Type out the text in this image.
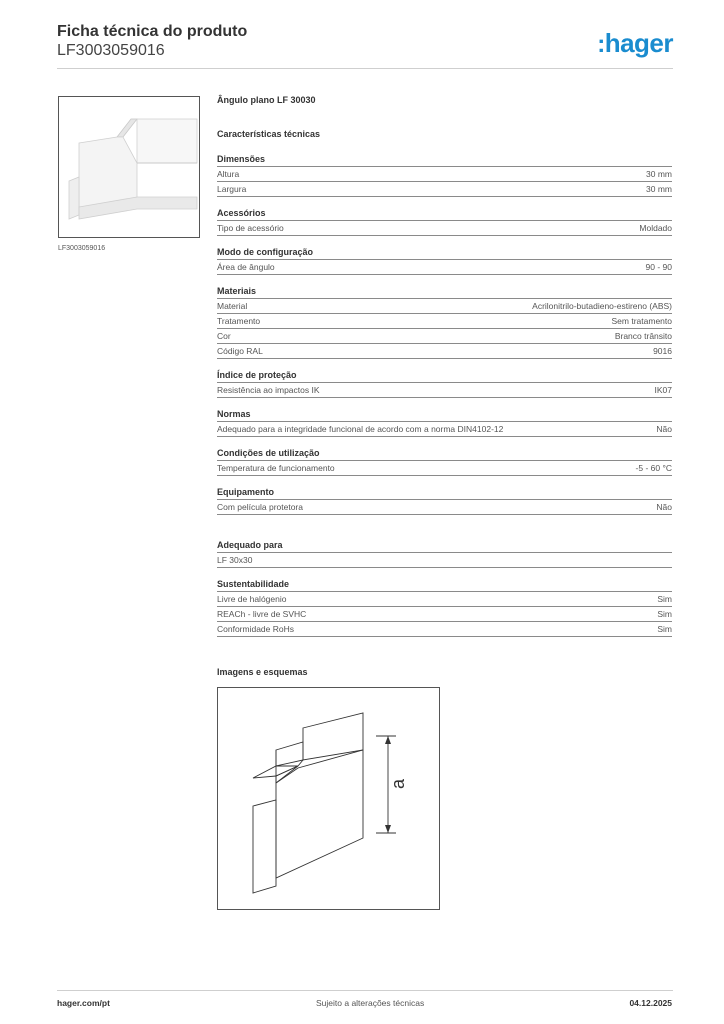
Ficha técnica do produto
LF3003059016	:hager
LF3003059016
Ângulo plano LF 30030
Características técnicas
Dimensões
Altura	30 mm
Largura	30 mm
Acessórios
Tipo de acessório	Moldado
Modo de configuração
Área de ângulo	90 - 90
Materiais
Material	Acrilonitrilo-butadieno-estireno (ABS)
Tratamento	Sem tratamento
Cor	Branco trânsito
Código RAL	9016
Índice de proteção
Resistência ao impactos IK	IK07
Normas
Adequado para a integridade funcional de acordo com a norma DIN4102-12	Não
Condições de utilização
Temperatura de funcionamento	-5 - 60 °C
Equipamento
Com película protetora	Não
Adequado para
LF 30x30
Sustentabilidade
Livre de halógenio	Sim
REACh - livre de SVHC	Sim
Conformidade RoHs	Sim
Imagens e esquemas
a
hager.com/pt	Sujeito a alterações técnicas	04.12.2025
